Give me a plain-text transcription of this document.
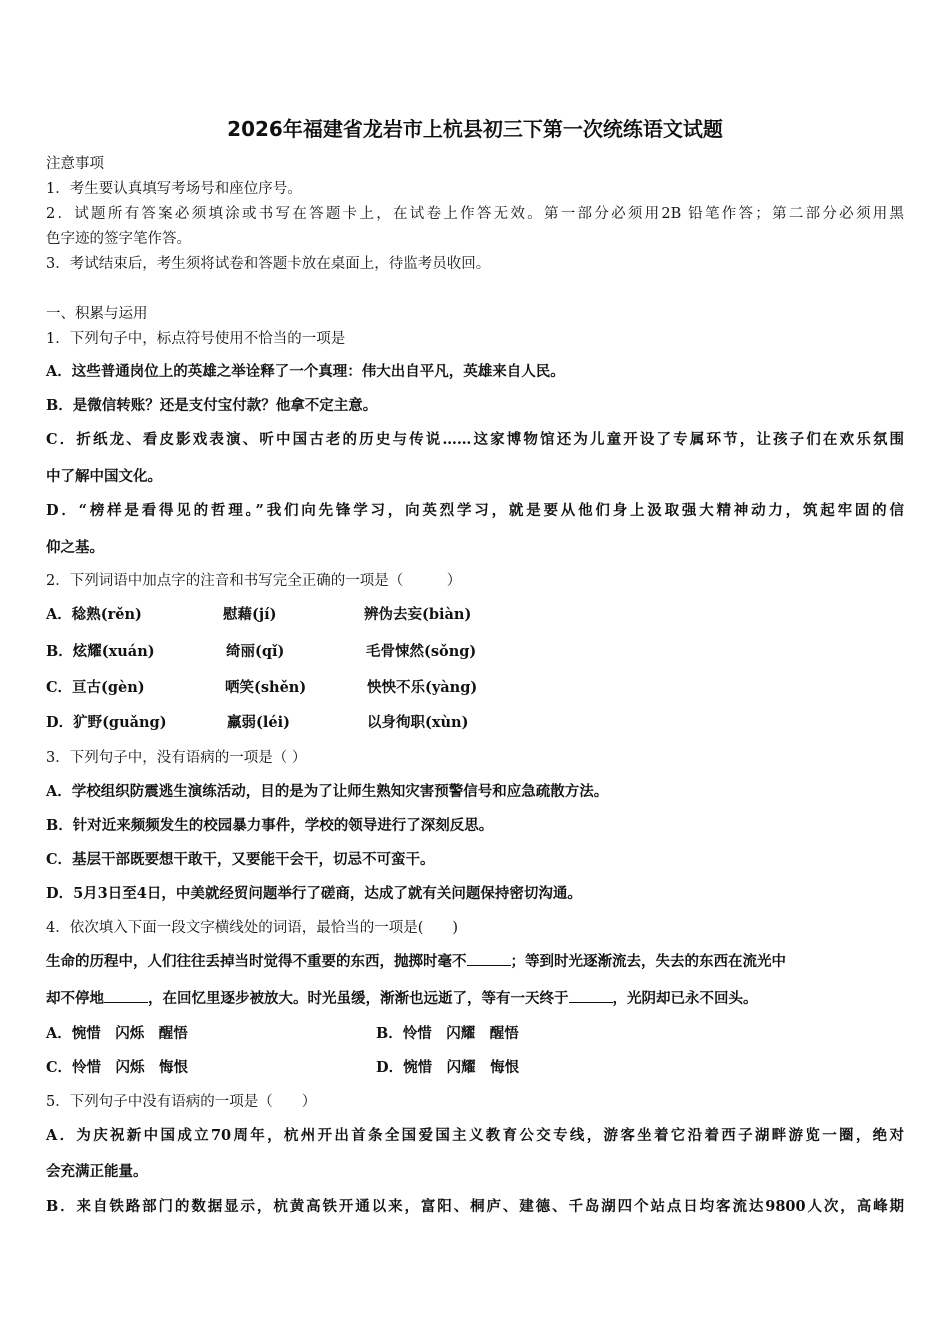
2026年福建省龙岩市上杭县初三下第一次统练语文试题
注意事项
1．考生要认真填写考场号和座位序号。
2．试题所有答案必须填涂或书写在答题卡上，在试卷上作答无效。第一部分必须用2B 铅笔作答；第二部分必须用黑
色字迹的签字笔作答。
3．考试结束后，考生须将试卷和答题卡放在桌面上，待监考员收回。
一、积累与运用
1．下列句子中，标点符号使用不恰当的一项是
A．这些普通岗位上的英雄之举诠释了一个真理：伟大出自平凡，英雄来自人民。
B．是微信转账？还是支付宝付款？他拿不定主意。
C．折纸龙、看皮影戏表演、听中国古老的历史与传说……这家博物馆还为儿童开设了专属环节，让孩子们在欢乐氛围
中了解中国文化。
D．“榜样是看得见的哲理。”我们向先锋学习，向英烈学习，就是要从他们身上汲取强大精神动力，筑起牢固的信
仰之基。
2．下列词语中加点字的注音和书写完全正确的一项是（　　　）
A．稔熟(rěn)	慰藉(jí)	辨伪去妄(biàn)
B．炫耀(xuán)	绮丽(qǐ)	毛骨悚然(sǒng)
C．亘古(gèn)	哂笑(shěn)	怏怏不乐(yàng)
D．犷野(guǎng)	羸弱(léi)	以身徇职(xùn)
3．下列句子中，没有语病的一项是（ ）
A．学校组织防震逃生演练活动，目的是为了让师生熟知灾害预警信号和应急疏散方法。
B．针对近来频频发生的校园暴力事件，学校的领导进行了深刻反思。
C．基层干部既要想干敢干，又要能干会干，切忌不可蛮干。
D．5月3日至4日，中美就经贸问题举行了磋商，达成了就有关问题保持密切沟通。
4．依次填入下面一段文字横线处的词语，最恰当的一项是(　　)
生命的历程中，人们往往丢掉当时觉得不重要的东西，抛掷时毫不	；等到时光逐渐流去，失去的东西在流光中
却不停地	，在回忆里逐步被放大。时光虽缓，渐渐也远逝了，等有一天终于	，光阴却已永不回头。
A．惋惜　闪烁　醒悟	B．怜惜　闪耀　醒悟
C．怜惜　闪烁　悔恨	D．惋惜　闪耀　悔恨
5．下列句子中没有语病的一项是（　　）
A．为庆祝新中国成立70周年，杭州开出首条全国爱国主义教育公交专线，游客坐着它沿着西子湖畔游览一圈，绝对
会充满正能量。
B．来自铁路部门的数据显示，杭黄高铁开通以来，富阳、桐庐、建德、千岛湖四个站点日均客流达9800人次，高峰期
